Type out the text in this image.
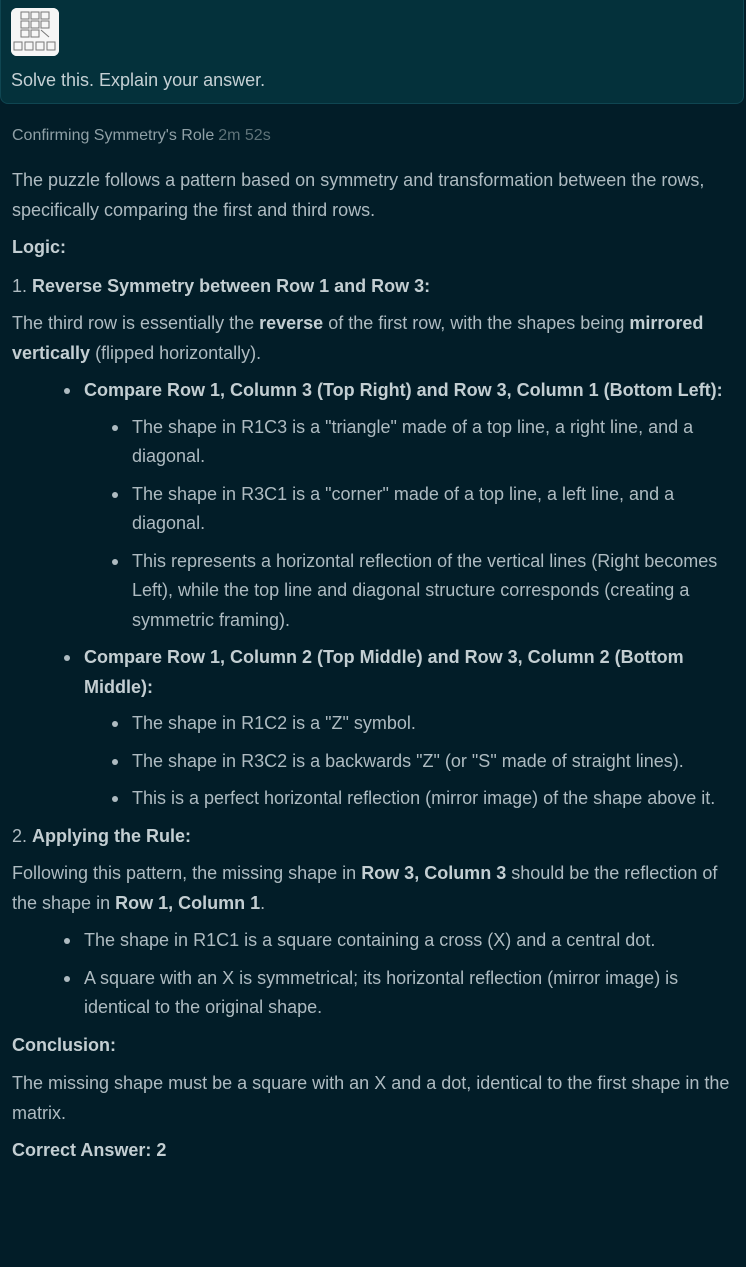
Solve this. Explain your answer.

Confirming Symmetry's Role 2m 52s

The puzzle follows a pattern based on symmetry and transformation between the rows, specifically comparing the first and third rows.

Logic:

1. Reverse Symmetry between Row 1 and Row 3:

The third row is essentially the reverse of the first row, with the shapes being mirrored vertically (flipped horizontally).

Compare Row 1, Column 3 (Top Right) and Row 3, Column 1 (Bottom Left):
The shape in R1C3 is a "triangle" made of a top line, a right line, and a diagonal.
The shape in R3C1 is a "corner" made of a top line, a left line, and a diagonal.
This represents a horizontal reflection of the vertical lines (Right becomes Left), while the top line and diagonal structure corresponds (creating a symmetric framing).
Compare Row 1, Column 2 (Top Middle) and Row 3, Column 2 (Bottom Middle):
The shape in R1C2 is a "Z" symbol.
The shape in R3C2 is a backwards "Z" (or "S" made of straight lines).
This is a perfect horizontal reflection (mirror image) of the shape above it.

2. Applying the Rule:

Following this pattern, the missing shape in Row 3, Column 3 should be the reflection of the shape in Row 1, Column 1.

The shape in R1C1 is a square containing a cross (X) and a central dot.
A square with an X is symmetrical; its horizontal reflection (mirror image) is identical to the original shape.

Conclusion:

The missing shape must be a square with an X and a dot, identical to the first shape in the matrix.

Correct Answer: 2
